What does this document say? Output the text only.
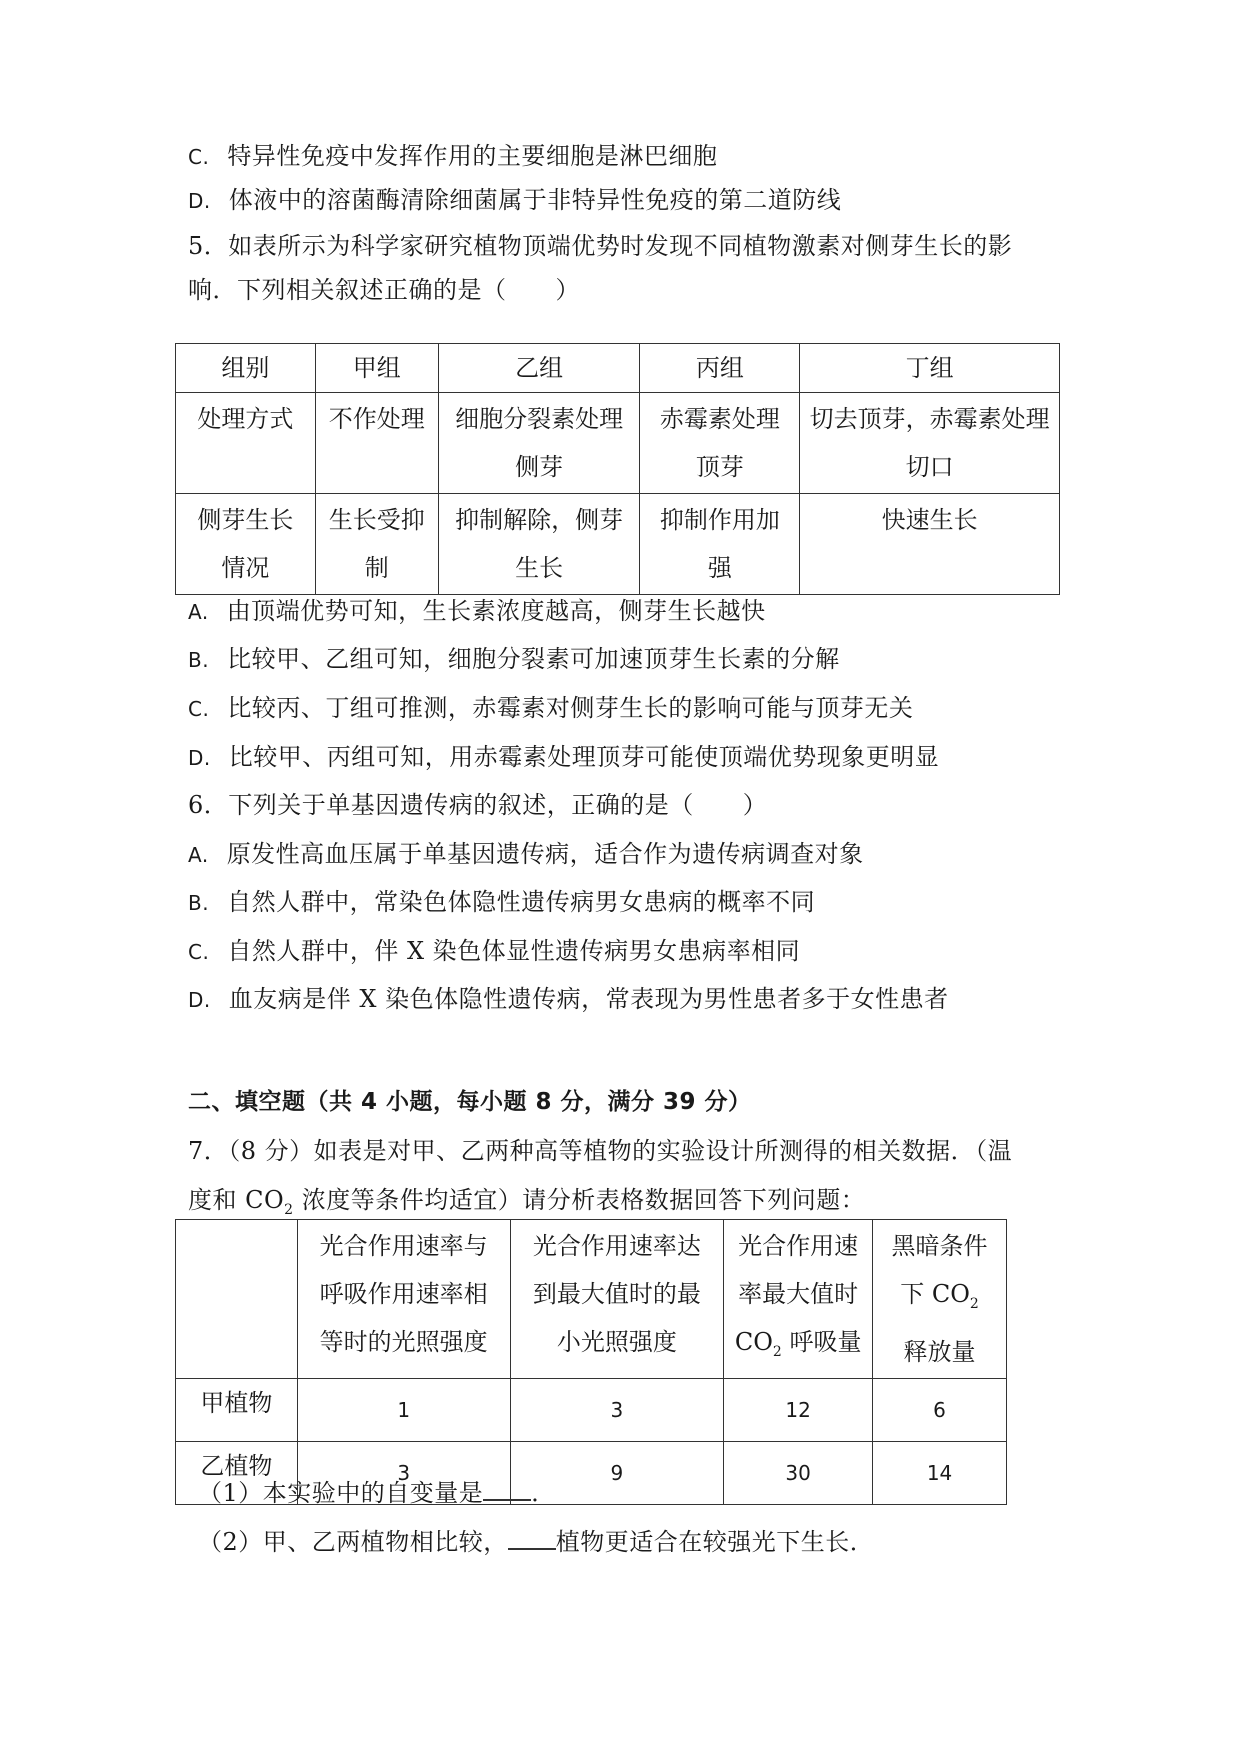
C. 特异性免疫中发挥作用的主要细胞是淋巴细胞
D. 体液中的溶菌酶清除细菌属于非特异性免疫的第二道防线
5．如表所示为科学家研究植物顶端优势时发现不同植物激素对侧芽生长的影
响．下列相关叙述正确的是（　　）
组别	甲组	乙组	丙组	丁组
处理方式	不作处理	细胞分裂素处理侧芽	赤霉素处理顶芽	切去顶芽，赤霉素处理切口
侧芽生长情况	生长受抑制	抑制解除，侧芽生长	抑制作用加强	快速生长
A. 由顶端优势可知，生长素浓度越高，侧芽生长越快
B. 比较甲、乙组可知，细胞分裂素可加速顶芽生长素的分解
C. 比较丙、丁组可推测，赤霉素对侧芽生长的影响可能与顶芽无关
D. 比较甲、丙组可知，用赤霉素处理顶芽可能使顶端优势现象更明显
6．下列关于单基因遗传病的叙述，正确的是（　　）
A. 原发性高血压属于单基因遗传病，适合作为遗传病调查对象
B. 自然人群中，常染色体隐性遗传病男女患病的概率不同
C. 自然人群中，伴 X 染色体显性遗传病男女患病率相同
D. 血友病是伴 X 染色体隐性遗传病，常表现为男性患者多于女性患者
二、填空题（共 4 小题，每小题 8 分，满分 39 分）
7．（8 分）如表是对甲、乙两种高等植物的实验设计所测得的相关数据．（温
度和 $CO_2$ 浓度等条件均适宜）请分析表格数据回答下列问题：
	光合作用速率与呼吸作用速率相等时的光照强度	光合作用速率达到最大值时的最小光照强度	光合作用速率最大值时 $CO_2$ 呼吸量	黑暗条件下 $CO_2$ 释放量
甲植物	1	3	12	6
乙植物	3	9	30	14
（1）本实验中的自变量是 ．
（2）甲、乙两植物相比较， 植物更适合在较强光下生长．
